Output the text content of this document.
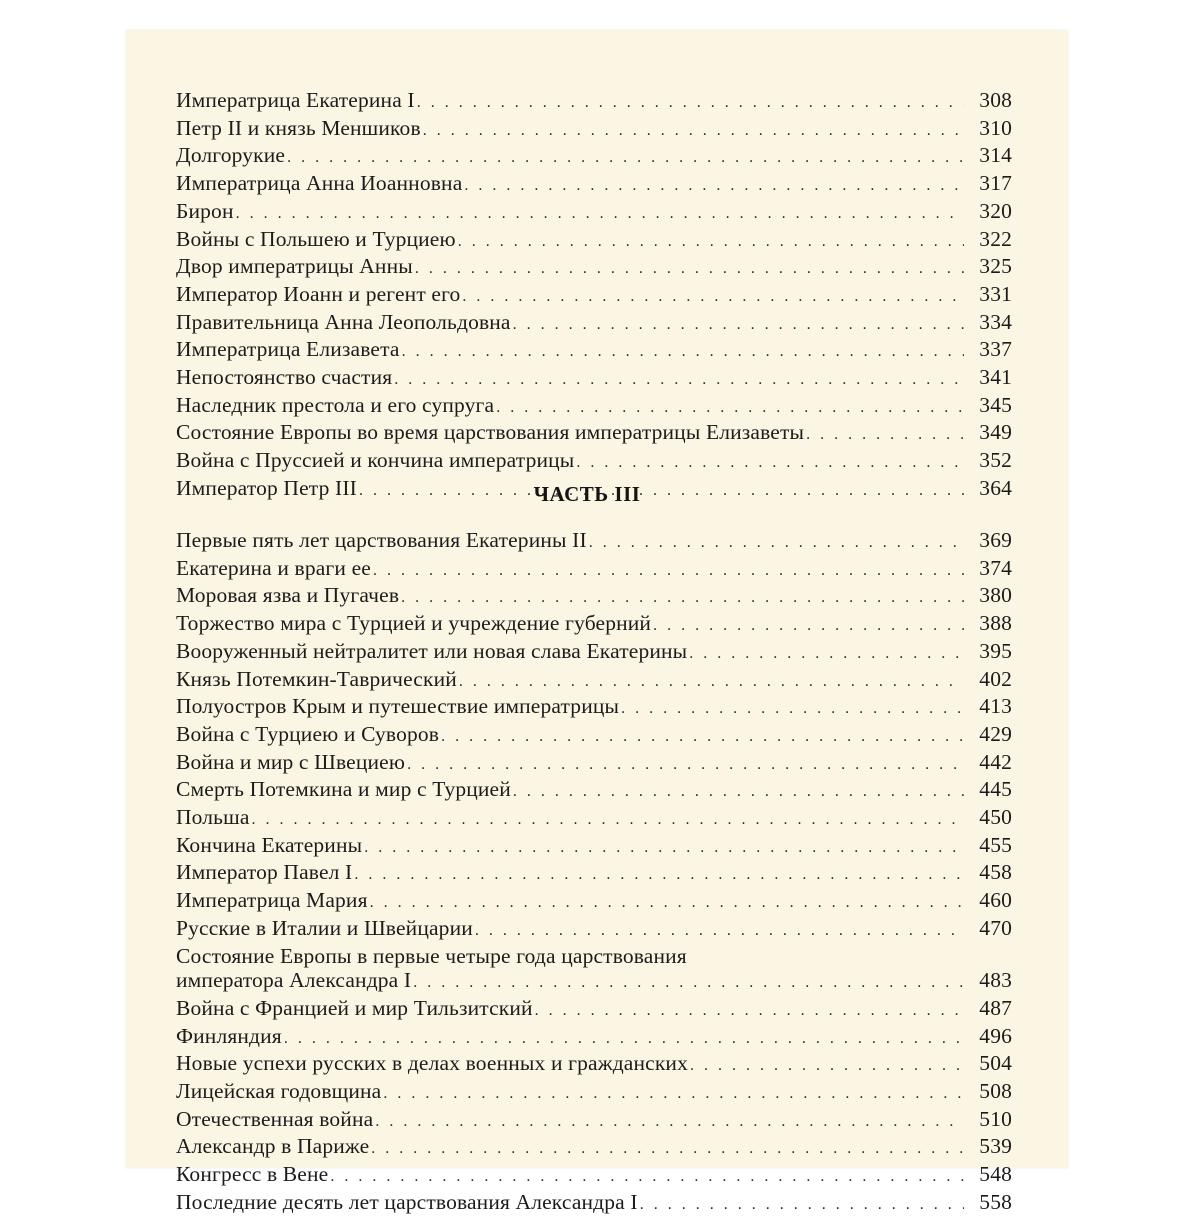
Императрица Екатерина I . . .	308
Петр II и князь Меншиков . . .	310
Долгорукие . . .	314
Императрица Анна Иоанновна . . .	317
Бирон . . .	320
Войны с Польшею и Турциею . . .	322
Двор императрицы Анны . . .	325
Император Иоанн и регент его . . .	331
Правительница Анна Леопольдовна . . .	334
Императрица Елизавета . . .	337
Непостоянство счастия . . .	341
Наследник престола и его супруга . . .	345
Состояние Европы во время царствования императрицы Елизаветы . . .	349
Война с Пруссией и кончина императрицы . . .	352
Император Петр III . . .	364
ЧАСТЬ III
Первые пять лет царствования Екатерины II . . .	369
Екатерина и враги ее . . .	374
Моровая язва и Пугачев . . .	380
Торжество мира с Турцией и учреждение губерний . . .	388
Вооруженный нейтралитет или новая слава Екатерины . . .	395
Князь Потемкин-Таврический . . .	402
Полуостров Крым и путешествие императрицы . . .	413
Война с Турциею и Суворов . . .	429
Война и мир с Швециею . . .	442
Смерть Потемкина и мир с Турцией . . .	445
Польша . . .	450
Кончина Екатерины . . .	455
Император Павел I . . .	458
Императрица Мария . . .	460
Русские в Италии и Швейцарии . . .	470
Состояние Европы в первые четыре года царствования
императора Александра I . . .	483
Война с Францией и мир Тильзитский . . .	487
Финляндия . . .	496
Новые успехи русских в делах военных и гражданских . . .	504
Лицейская годовщина . . .	508
Отечественная война . . .	510
Александр в Париже . . .	539
Конгресс в Вене . . .	548
Последние десять лет царствования Александра I . . .	558
